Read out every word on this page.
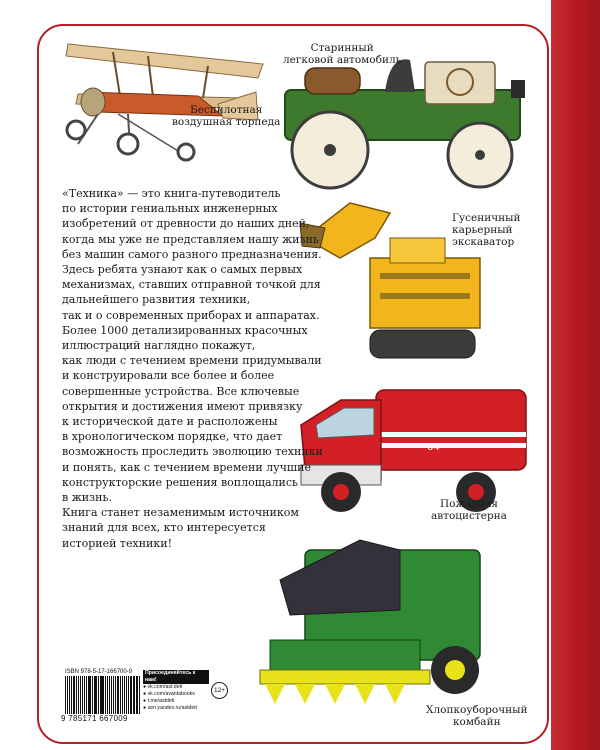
Беспилотная
воздушная торпеда
Старинный
легковой автомобиль
Гусеничный
карьерный
экскаватор
64
Пожарная
автоцистерна
Хлопкоуборочный
комбайн

«Техника» — это книга-путеводитель

по истории гениальных инженерных

изобретений от древности до наших дней,

когда мы уже не представляем нашу жизнь

без машин самого разного предназначения.

Здесь ребята узнают как о самых первых

механизмах, ставших отправной точкой для

дальнейшего развития техники,

так и о современных приборах и аппаратах.

Более 1000 детализированных красочных

иллюстраций наглядно покажут,

как люди с течением времени придумывали

и конструировали все более и более

совершенные устройства. Все ключевые

открытия и достижения имеют привязку

к исторической дате и расположены

в хронологическом порядке, что дает

возможность проследить эволюцию техники

и понять, как с течением времени лучшие

конструкторские решения воплощались

в жизнь.

Книга станет незаменимым источником

знаний для всех, кто интересуется

историей техники!

ISBN 978-5-17-166700-9
9 785171 667009
Присоединяйтесь к нам!
● vk.com/ast.deti
● vk.com/avantabooks
● t.me/astdeti
● zen.yandex.ru/astdeti
12+
